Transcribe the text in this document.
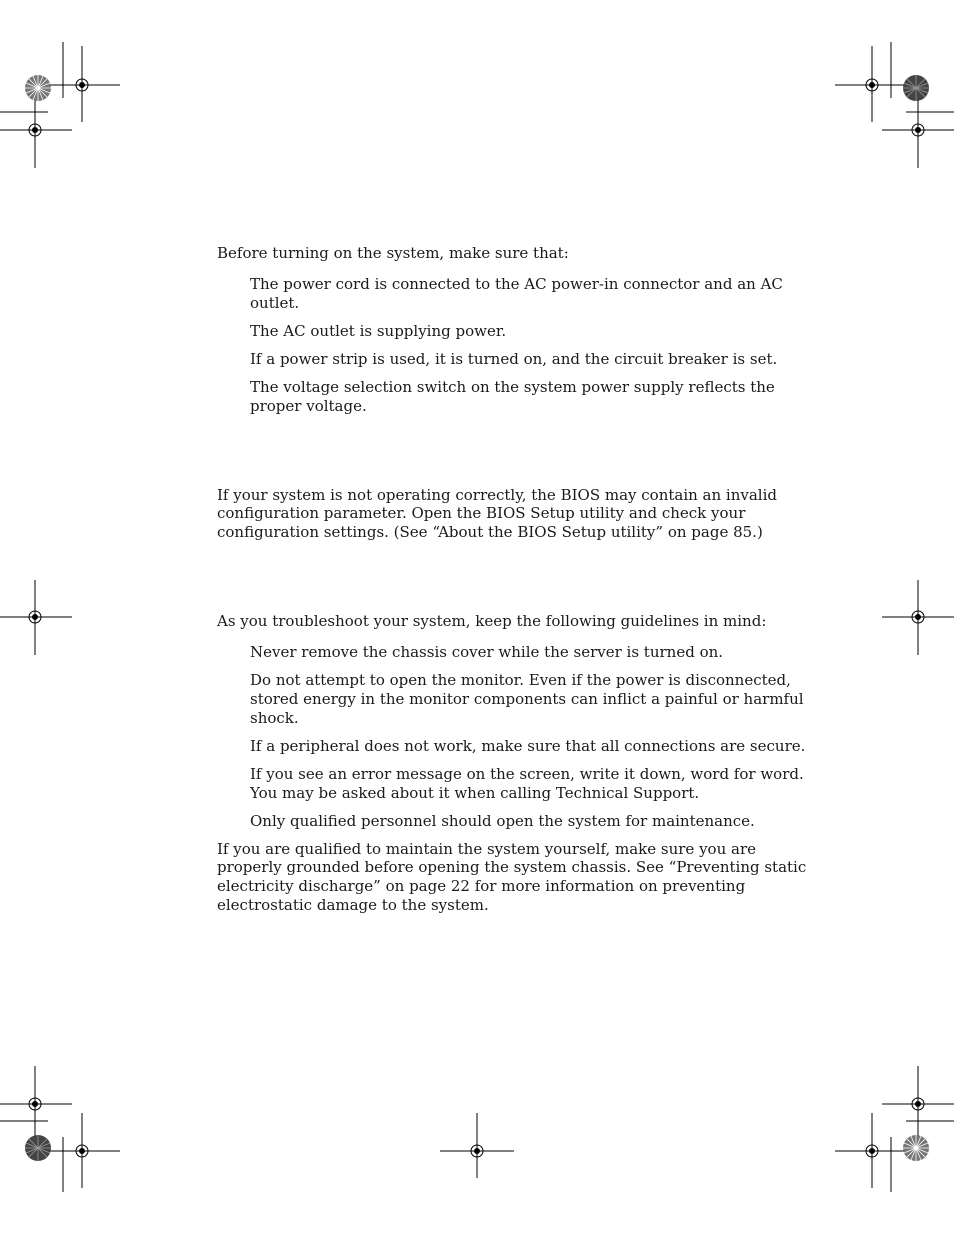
Before turning on the system, make sure that:
The power cord is connected to the AC power-in connector and an AC
outlet.
The AC outlet is supplying power.
If a power strip is used, it is turned on, and the circuit breaker is set.
The voltage selection switch on the system power supply reflects the
proper voltage.
If your system is not operating correctly, the BIOS may contain an invalid
configuration parameter. Open the BIOS Setup utility and check your
configuration settings. (See “About the BIOS Setup utility” on page 85.)
As you troubleshoot your system, keep the following guidelines in mind:
Never remove the chassis cover while the server is turned on.
Do not attempt to open the monitor. Even if the power is disconnected,
stored energy in the monitor components can inflict a painful or harmful
shock.
If a peripheral does not work, make sure that all connections are secure.
If you see an error message on the screen, write it down, word for word.
You may be asked about it when calling Technical Support.
Only qualified personnel should open the system for maintenance.
If you are qualified to maintain the system yourself, make sure you are
properly grounded before opening the system chassis. See “Preventing static
electricity discharge” on page 22 for more information on preventing
electrostatic damage to the system.
